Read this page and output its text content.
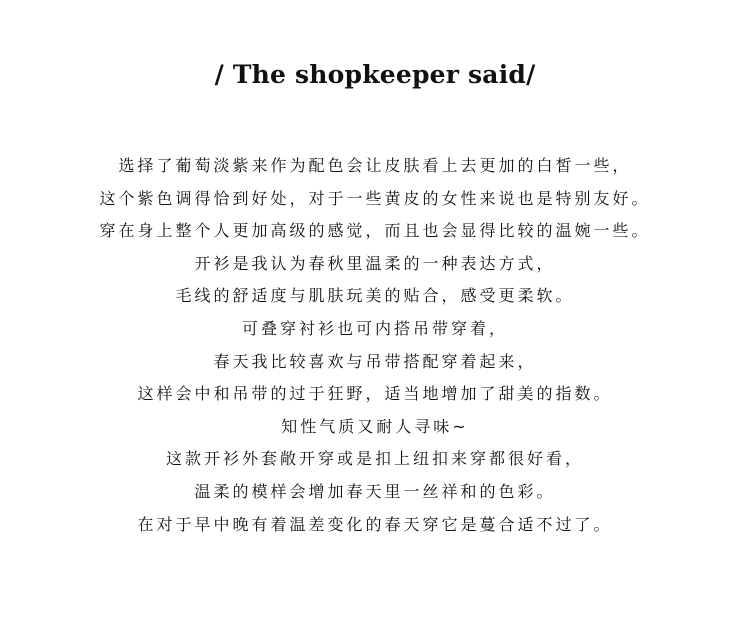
/ The shopkeeper said/
选择了葡萄淡紫来作为配色会让皮肤看上去更加的白皙一些，
这个紫色调得恰到好处，对于一些黄皮的女性来说也是特别友好。
穿在身上整个人更加高级的感觉，而且也会显得比较的温婉一些。
开衫是我认为春秋里温柔的一种表达方式，
毛线的舒适度与肌肤玩美的贴合，感受更柔软。
可叠穿衬衫也可内搭吊带穿着，
春天我比较喜欢与吊带搭配穿着起来，
这样会中和吊带的过于狂野，适当地增加了甜美的指数。
知性气质又耐人寻味~
这款开衫外套敞开穿或是扣上纽扣来穿都很好看，
温柔的模样会增加春天里一丝祥和的色彩。
在对于早中晚有着温差变化的春天穿它是蔓合适不过了。
